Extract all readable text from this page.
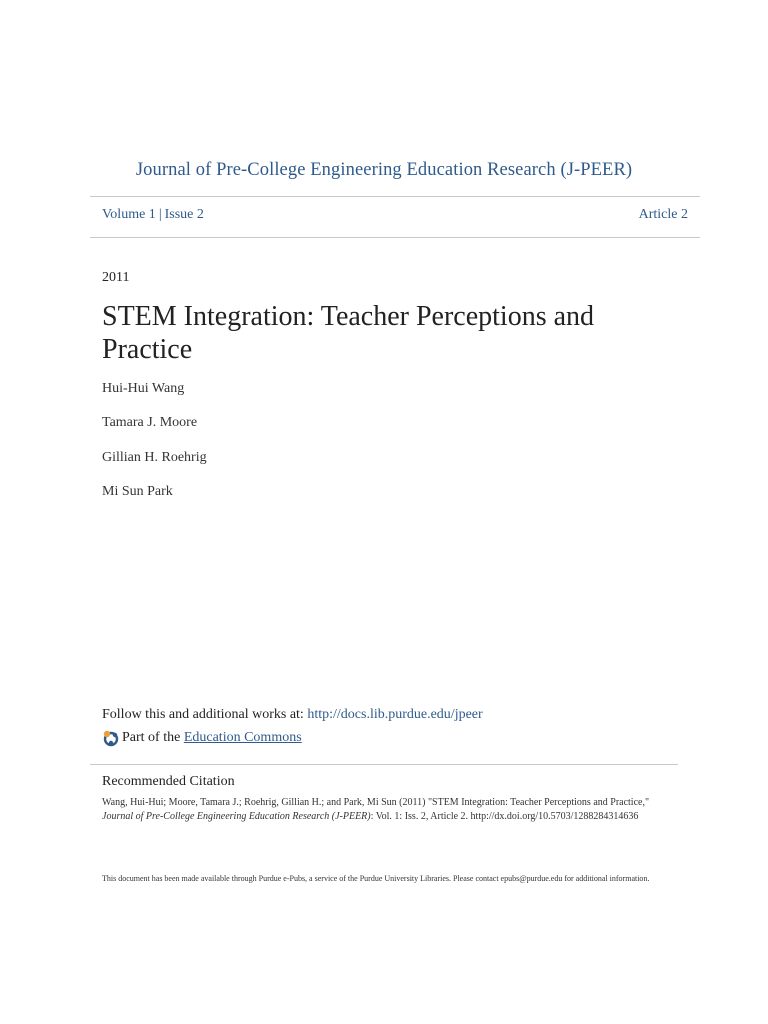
Journal of Pre-College Engineering Education Research (J-PEER)
Volume 1 | Issue 2	Article 2
2011
STEM Integration: Teacher Perceptions and Practice
Hui-Hui Wang
Tamara J. Moore
Gillian H. Roehrig
Mi Sun Park
Follow this and additional works at: http://docs.lib.purdue.edu/jpeer
Part of the
Education Commons
Recommended Citation
Wang, Hui-Hui; Moore, Tamara J.; Roehrig, Gillian H.; and Park, Mi Sun (2011) "STEM Integration: Teacher Perceptions and Practice," Journal of Pre-College Engineering Education Research (J-PEER): Vol. 1: Iss. 2, Article 2. http://dx.doi.org/10.5703/1288284314636
This document has been made available through Purdue e-Pubs, a service of the Purdue University Libraries. Please contact epubs@purdue.edu for additional information.
